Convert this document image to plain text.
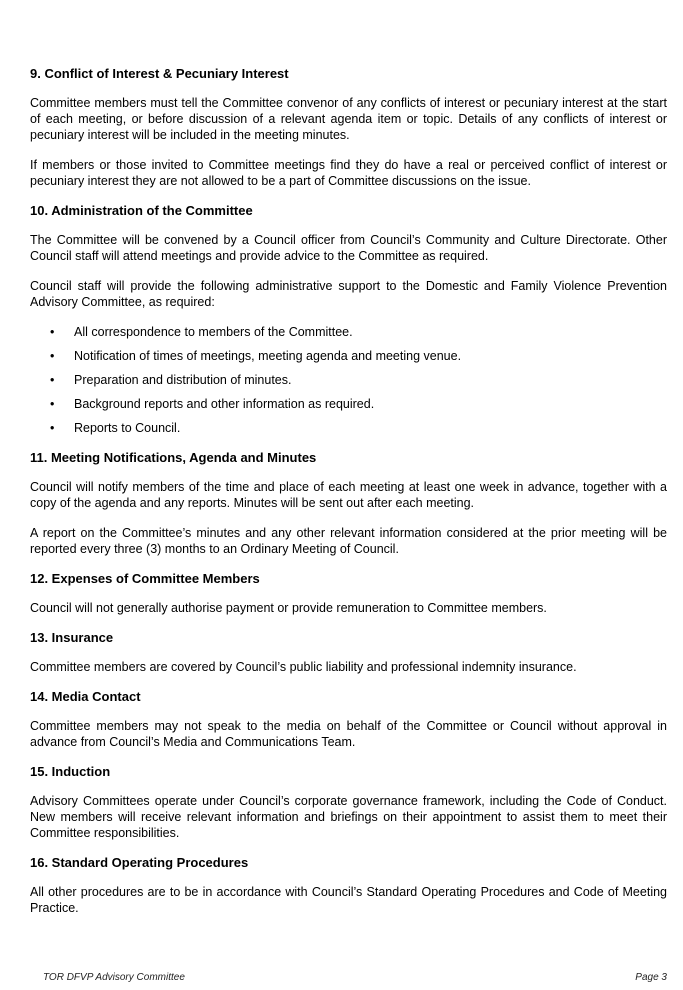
9. Conflict of Interest & Pecuniary Interest

Committee members must tell the Committee convenor of any conflicts of interest or pecuniary interest at the start of each meeting, or before discussion of a relevant agenda item or topic. Details of any conflicts of interest or pecuniary interest will be included in the meeting minutes.

If members or those invited to Committee meetings find they do have a real or perceived conflict of interest or pecuniary interest they are not allowed to be a part of Committee discussions on the issue.

10. Administration of the Committee

The Committee will be convened by a Council officer from Council’s Community and Culture Directorate. Other Council staff will attend meetings and provide advice to the Committee as required.

Council staff will provide the following administrative support to the Domestic and Family Violence Prevention Advisory Committee, as required:

• All correspondence to members of the Committee.
• Notification of times of meetings, meeting agenda and meeting venue.
• Preparation and distribution of minutes.
• Background reports and other information as required.
• Reports to Council.
11. Meeting Notifications, Agenda and Minutes

Council will notify members of the time and place of each meeting at least one week in advance, together with a copy of the agenda and any reports. Minutes will be sent out after each meeting.

A report on the Committee’s minutes and any other relevant information considered at the prior meeting will be reported every three (3) months to an Ordinary Meeting of Council.

12. Expenses of Committee Members

Council will not generally authorise payment or provide remuneration to Committee members.

13. Insurance

Committee members are covered by Council’s public liability and professional indemnity insurance.

14. Media Contact

Committee members may not speak to the media on behalf of the Committee or Council without approval in advance from Council’s Media and Communications Team.

15. Induction

Advisory Committees operate under Council’s corporate governance framework, including the Code of Conduct. New members will receive relevant information and briefings on their appointment to assist them to meet their Committee responsibilities.

16. Standard Operating Procedures

All other procedures are to be in accordance with Council’s Standard Operating Procedures and Code of Meeting Practice.

TOR DFVP Advisory Committee	Page 3
